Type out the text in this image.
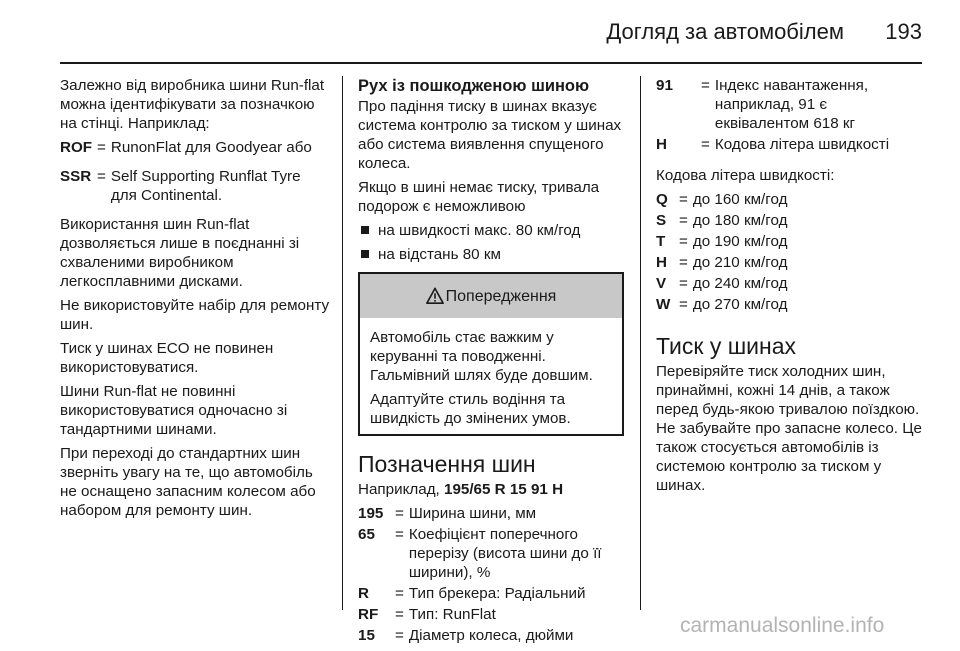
Догляд за автомобілем 193

Залежно від виробника шини Run-flat можна ідентифікувати за позначкою на стінці. Наприклад:

ROF = RunonFlat для Goodyear або
SSR = Self Supporting Runflat Tyre для Continental.

Використання шин Run-flat дозволяється лише в поєднанні зі схваленими виробником легкосплавними дисками.

Не використовуйте набір для ремонту шин.

Тиск у шинах ECO не повинен використовуватися.

Шини Run-flat не повинні використовуватися одночасно зі тандартними шинами.

При переході до стандартних шин зверніть увагу на те, що автомобіль не оснащено запасним колесом або набором для ремонту шин.

Рух із пошкодженою шиною

Про падіння тиску в шинах вказує система контролю за тиском у шинах або система виявлення спущеного колеса.

Якщо в шині немає тиску, тривала подорож є неможливою

на швидкості макс. 80 км/год
на відстань 80 км
Попередження

Автомобіль стає важким у керуванні та поводженні. Гальмівний шлях буде довшим.

Адаптуйте стиль водіння та швидкість до змінених умов.

Позначення шин

Наприклад, 195/65 R 15 91 H

195 = Ширина шини, мм
65	= Коефіцієнт поперечного перерізу (висота шини до її ширини), %
R	= Тип брекера: Радіальний
RF	= Тип: RunFlat
15	= Діаметр колеса, дюйми
91	= Індекс навантаження, наприклад, 91 є еквівалентом 618 кг
H	= Кодова літера швидкості

Кодова літера швидкості:

Q = до 160 км/год
S = до 180 км/год
T = до 190 км/год
H = до 210 км/год
V = до 240 км/год
W = до 270 км/год
Тиск у шинах

Перевіряйте тиск холодних шин, принаймні, кожні 14 днів, а також перед будь-якою тривалою поїздкою. Не забувайте про запасне колесо. Це також стосується автомобілів із системою контролю за тиском у шинах.

carmanualsonline.info
